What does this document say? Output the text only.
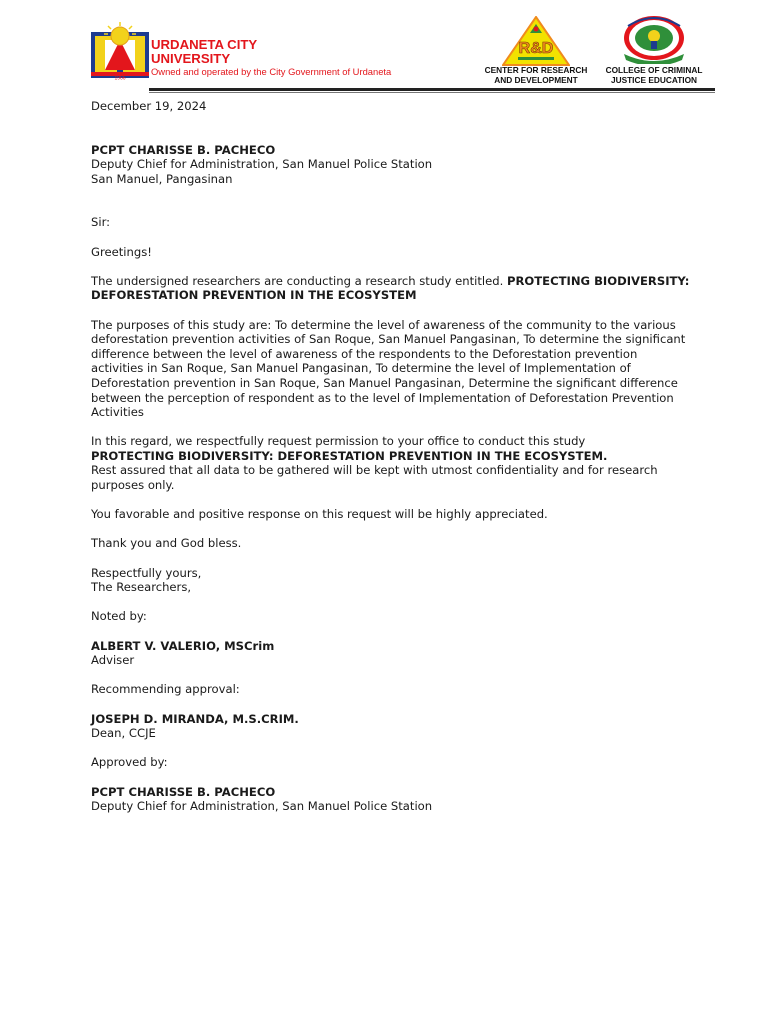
1966
URDANETA CITY UNIVERSITY
Owned and operated by the City Government of Urdaneta
R&D
CENTER FOR RESEARCH AND DEVELOPMENT
COLLEGE OF CRIMINAL JUSTICE EDUCATION

December 19, 2024

PCPT CHARISSE B. PACHECO

Deputy Chief for Administration, San Manuel Police Station

San Manuel, Pangasinan

Sir:

Greetings!

The undersigned researchers are conducting a research study entitled. PROTECTING BIODIVERSITY: DEFORESTATION PREVENTION IN THE ECOSYSTEM

The purposes of this study are: To determine the level of awareness of the community to the various deforestation prevention activities of San Roque, San Manuel Pangasinan, To determine the significant difference between the level of awareness of the respondents to the Deforestation prevention activities in San Roque, San Manuel Pangasinan, To determine the level of Implementation of Deforestation prevention in San Roque, San Manuel Pangasinan, Determine the significant difference between the perception of respondent as to the level of Implementation of Deforestation Prevention Activities

In this regard, we respectfully request permission to your office to conduct this study
PROTECTING BIODIVERSITY: DEFORESTATION PREVENTION IN THE ECOSYSTEM.
Rest assured that all data to be gathered will be kept with utmost confidentiality and for research purposes only.

You favorable and positive response on this request will be highly appreciated.

Thank you and God bless.

Respectfully yours,

The Researchers,

Noted by:

ALBERT V. VALERIO, MSCrim

Adviser

Recommending approval:

JOSEPH D. MIRANDA, M.S.CRIM.

Dean, CCJE

Approved by:

PCPT CHARISSE B. PACHECO

Deputy Chief for Administration, San Manuel Police Station
